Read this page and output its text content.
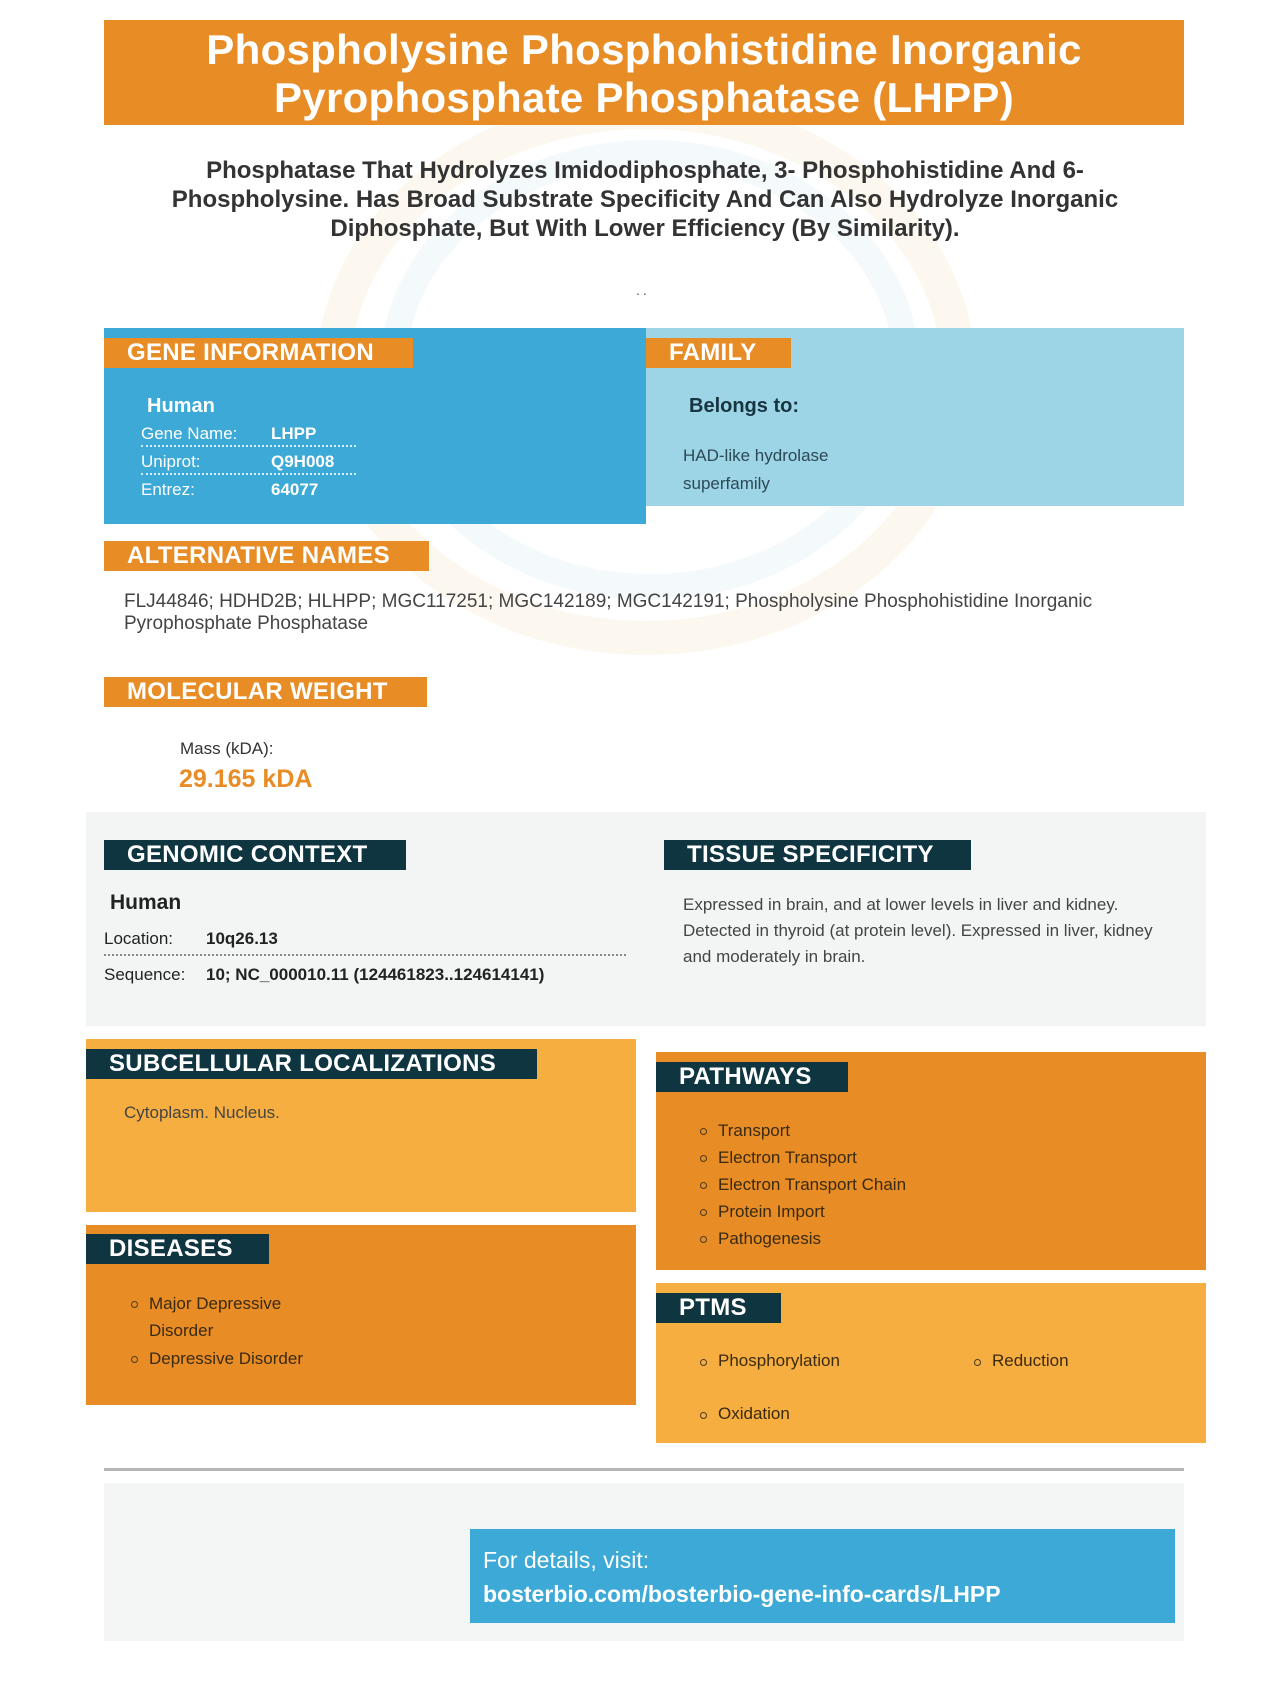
Phospholysine Phosphohistidine Inorganic Pyrophosphate Phosphatase (LHPP)
Phosphatase That Hydrolyzes Imidodiphosphate, 3- Phosphohistidine And 6- Phospholysine. Has Broad Substrate Specificity And Can Also Hydrolyze Inorganic Diphosphate, But With Lower Efficiency (By Similarity).
..
GENE INFORMATION
Human
Gene Name: LHPP
Uniprot:	Q9H008
Entrez:	64077
FAMILY
Belongs to:
HAD-like hydrolase superfamily
ALTERNATIVE NAMES
FLJ44846; HDHD2B; HLHPP; MGC117251; MGC142189; MGC142191; Phospholysine Phosphohistidine Inorganic Pyrophosphate Phosphatase
MOLECULAR WEIGHT
Mass (kDA):
29.165 kDA
GENOMIC CONTEXT
Human
Location: 10q26.13
Sequence: 10; NC_000010.11 (124461823..124614141)
TISSUE SPECIFICITY
Expressed in brain, and at lower levels in liver and kidney. Detected in thyroid (at protein level). Expressed in liver, kidney and moderately in brain.
SUBCELLULAR LOCALIZATIONS
Cytoplasm. Nucleus.
DISEASES
Major Depressive Disorder
Depressive Disorder
PATHWAYS
Transport
Electron Transport
Electron Transport Chain
Protein Import
Pathogenesis
PTMS
Phosphorylation	Reduction
Oxidation
For details, visit:
bosterbio.com/bosterbio-gene-info-cards/LHPP
